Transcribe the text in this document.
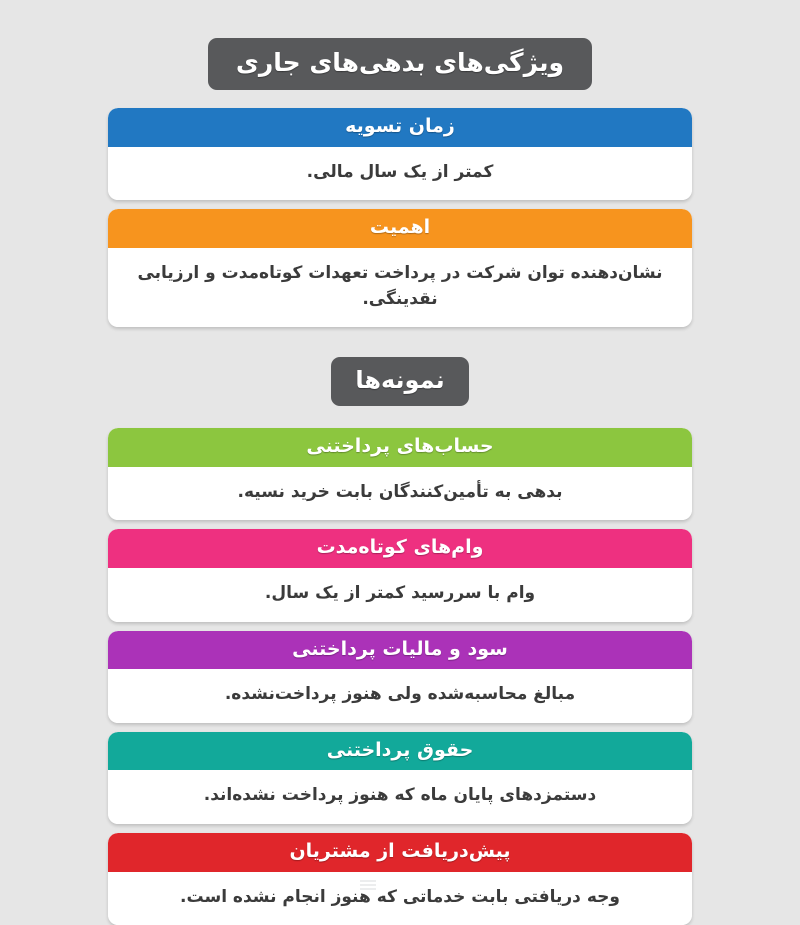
ویژگی‌های بدهی‌های جاری
زمان تسویه
کمتر از یک سال مالی.
اهمیت
نشان‌دهنده توان شرکت در پرداخت تعهدات کوتاه‌مدت و ارزیابی نقدینگی.
نمونه‌ها
حساب‌های پرداختنی
بدهی به تأمین‌کنندگان بابت خرید نسیه.
وام‌های کوتاه‌مدت
وام با سررسید کمتر از یک سال.
سود و مالیات پرداختنی
مبالغ محاسبه‌شده ولی هنوز پرداخت‌نشده.
حقوق پرداختنی
دستمزدهای پایان ماه که هنوز پرداخت نشده‌اند.
پیش‌دریافت از مشتریان
وجه دریافتی بابت خدماتی که هنوز انجام نشده است.
